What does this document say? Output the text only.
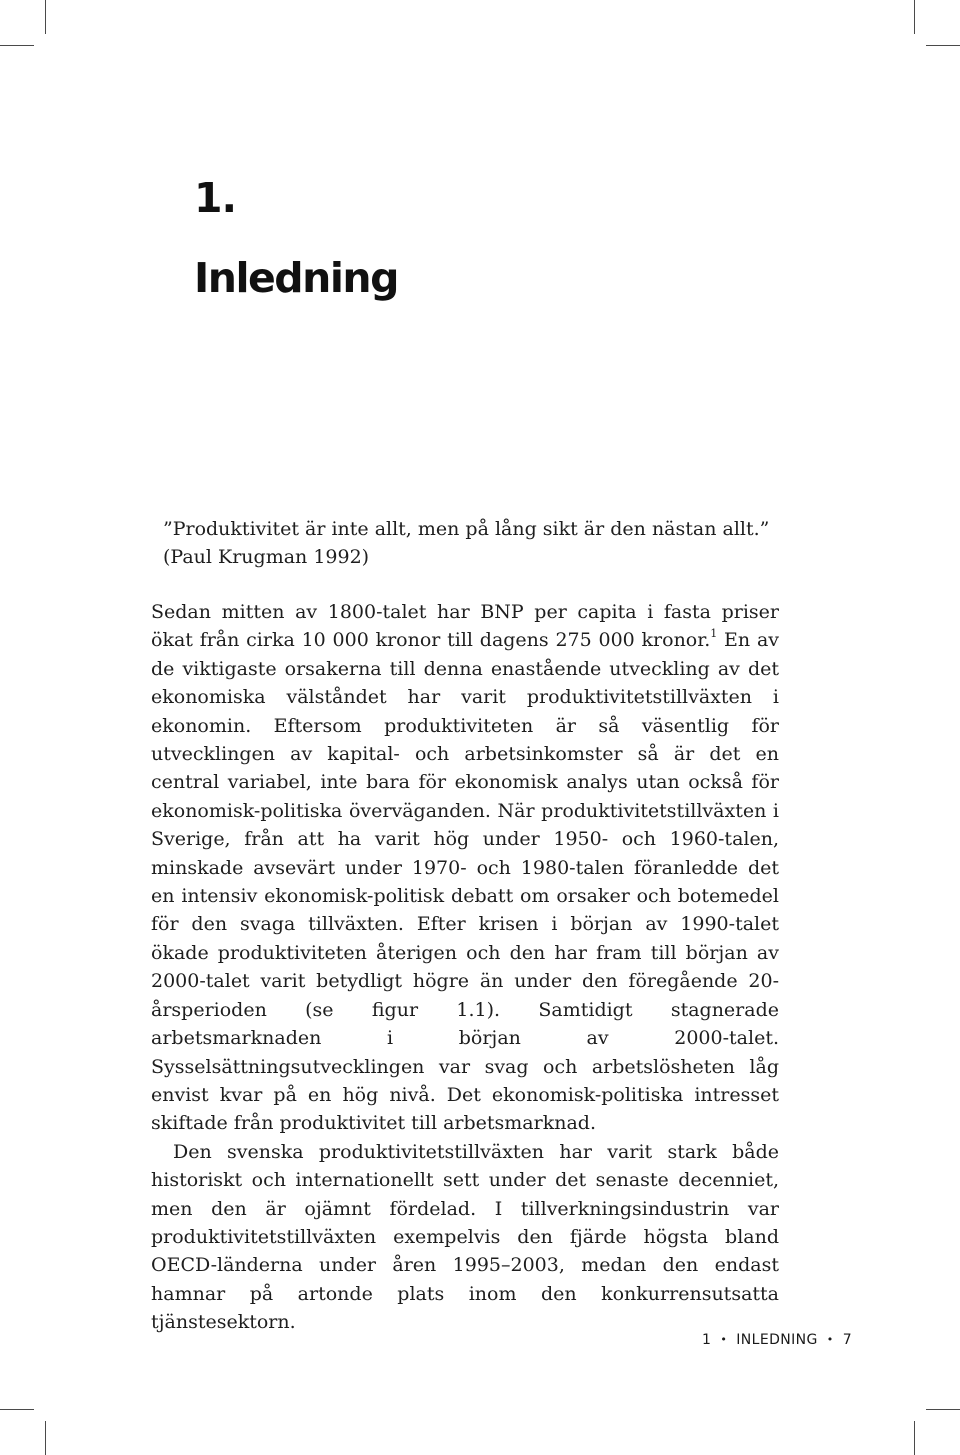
1.
Inledning

”Produktivitet är inte allt, men på lång sikt är den nästan allt.”

(Paul Krugman 1992)

Sedan mitten av 1800-talet har BNP per capita i fasta priser ökat från cirka 10 000 kronor till dagens 275 000 kronor.$^1$ En av de viktigaste orsakerna till denna enastående utveckling av det ekonomiska välståndet har varit produktivitetstillväxten i ekonomin. Eftersom produktiviteten är så väsentlig för utvecklingen av kapital- och arbetsinkomster så är det en central variabel, inte bara för ekonomisk analys utan också för ekonomisk-politiska överväganden. När produktivitetstillväxten i Sverige, från att ha varit hög under 1950- och 1960-talen, minskade avsevärt under 1970- och 1980-talen föranledde det en intensiv ekonomisk-politisk debatt om orsaker och botemedel för den svaga tillväxten. Efter krisen i början av 1990-talet ökade produktiviteten återigen och den har fram till början av 2000-talet varit betydligt högre än under den föregående 20-årsperioden (se figur 1.1). Samtidigt stagnerade arbetsmarknaden i början av 2000-talet. Sysselsättningsutvecklingen var svag och arbetslösheten låg envist kvar på en hög nivå. Det ekonomisk-politiska intresset skiftade från produktivitet till arbetsmarknad.

Den svenska produktivitetstillväxten har varit stark både historiskt och internationellt sett under det senaste decenniet, men den är ojämnt fördelad. I tillverkningsindustrin var produktivitetstillväxten exempelvis den fjärde högsta bland OECD-länderna under åren 1995–2003, medan den endast hamnar på artonde plats inom den konkurrensutsatta tjänstesektorn.

1 • INLEDNING • 7
